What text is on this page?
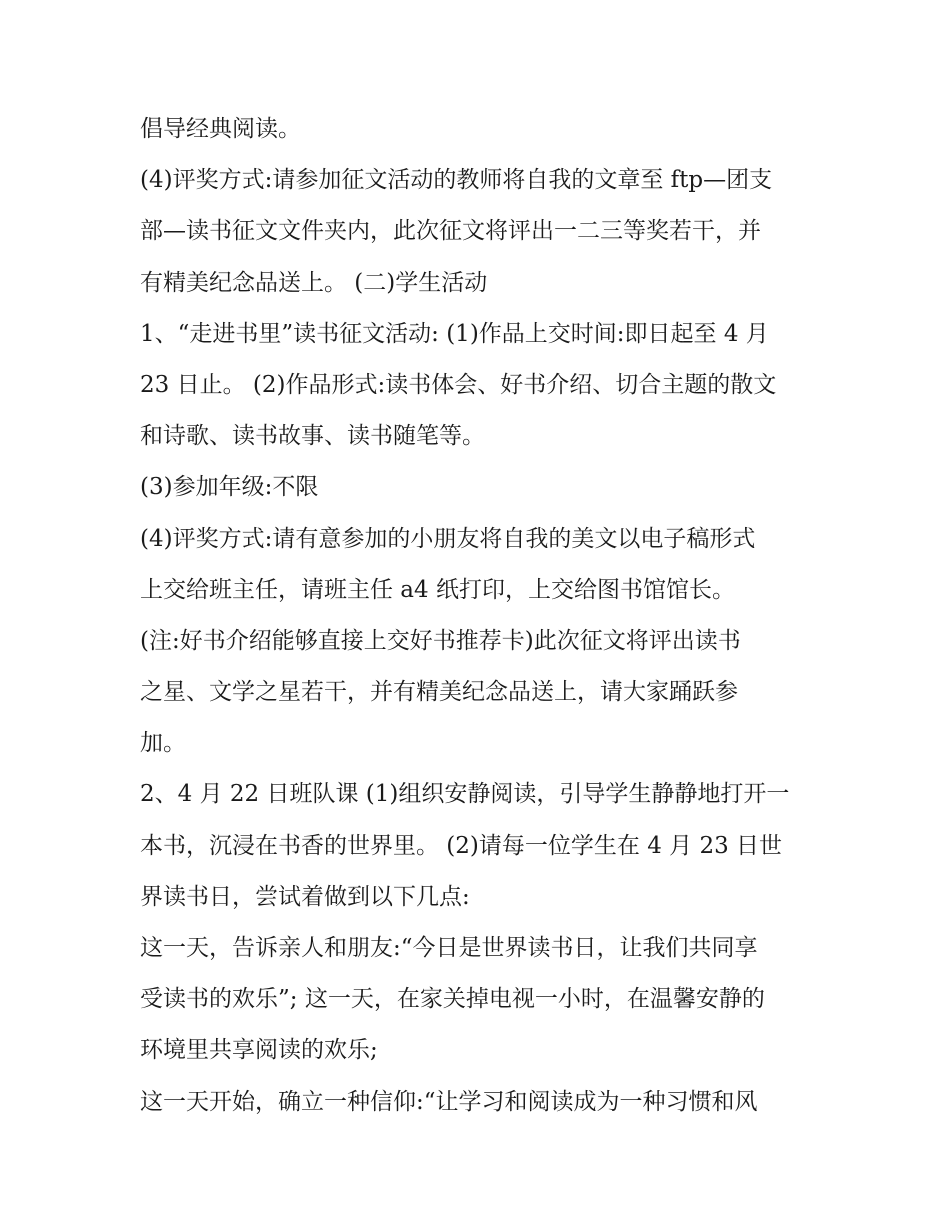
倡导经典阅读。
(4)评奖方式:请参加征文活动的教师将自我的文章至 ftp—团支
部—读书征文文件夹内，此次征文将评出一二三等奖若干，并
有精美纪念品送上。 (二)学生活动
1、“走进书里”读书征文活动: (1)作品上交时间:即日起至 4 月
23 日止。 (2)作品形式:读书体会、好书介绍、切合主题的散文
和诗歌、读书故事、读书随笔等。
(3)参加年级:不限
(4)评奖方式:请有意参加的小朋友将自我的美文以电子稿形式
上交给班主任，请班主任 a4 纸打印，上交给图书馆馆长。
(注:好书介绍能够直接上交好书推荐卡)此次征文将评出读书
之星、文学之星若干，并有精美纪念品送上，请大家踊跃参
加。
2、4 月 22 日班队课 (1)组织安静阅读，引导学生静静地打开一
本书，沉浸在书香的世界里。 (2)请每一位学生在 4 月 23 日世
界读书日，尝试着做到以下几点:
这一天，告诉亲人和朋友:“今日是世界读书日，让我们共同享
受读书的欢乐”; 这一天，在家关掉电视一小时，在温馨安静的
环境里共享阅读的欢乐;
这一天开始，确立一种信仰:“让学习和阅读成为一种习惯和风
